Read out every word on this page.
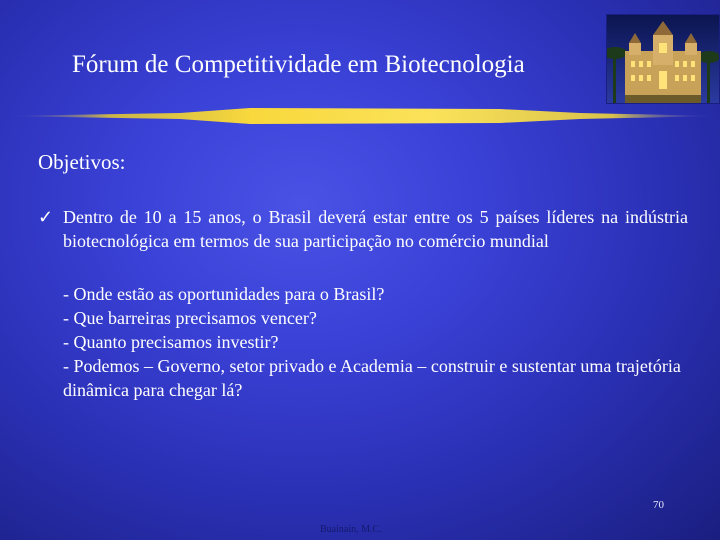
Fórum de Competitividade em Biotecnologia
Objetivos:
✓ Dentro de 10 a 15 anos, o Brasil deverá estar entre os 5 países líderes na indústria biotecnológica em termos de sua participação no comércio mundial
- Onde estão as oportunidades para o Brasil?
- Que barreiras precisamos vencer?
- Quanto precisamos investir?
- Podemos – Governo, setor privado e Academia – construir e sustentar uma trajetória dinâmica para chegar lá?
70
Buainain, M.C.
